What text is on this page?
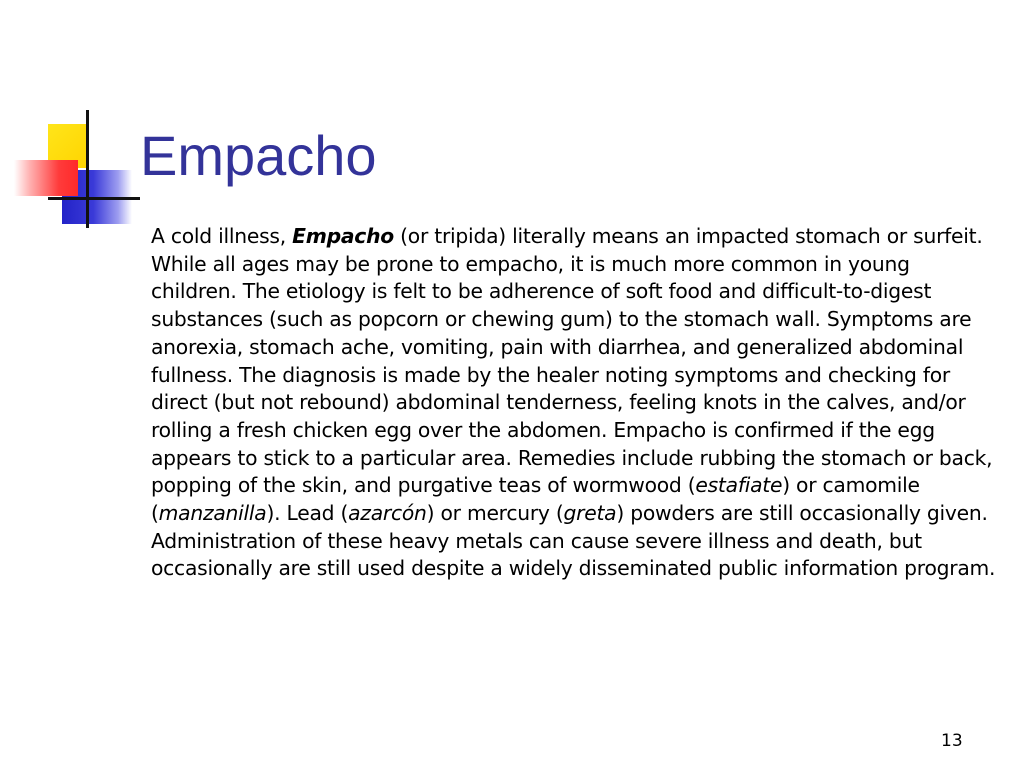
Empacho

A cold illness, Empacho (or tripida) literally means an impacted stomach or surfeit. While all ages may be prone to empacho, it is much more common in young children. The etiology is felt to be adherence of soft food and difficult-to-digest substances (such as popcorn or chewing gum) to the stomach wall. Symptoms are anorexia, stomach ache, vomiting, pain with diarrhea, and generalized abdominal fullness. The diagnosis is made by the healer noting symptoms and checking for direct (but not rebound) abdominal tenderness, feeling knots in the calves, and/or rolling a fresh chicken egg over the abdomen. Empacho is confirmed if the egg appears to stick to a particular area. Remedies include rubbing the stomach or back, popping of the skin, and purgative teas of wormwood (estafiate) or camomile (manzanilla). Lead (azarcón) or mercury (greta) powders are still occasionally given. Administration of these heavy metals can cause severe illness and death, but occasionally are still used despite a widely disseminated public information program.

13
